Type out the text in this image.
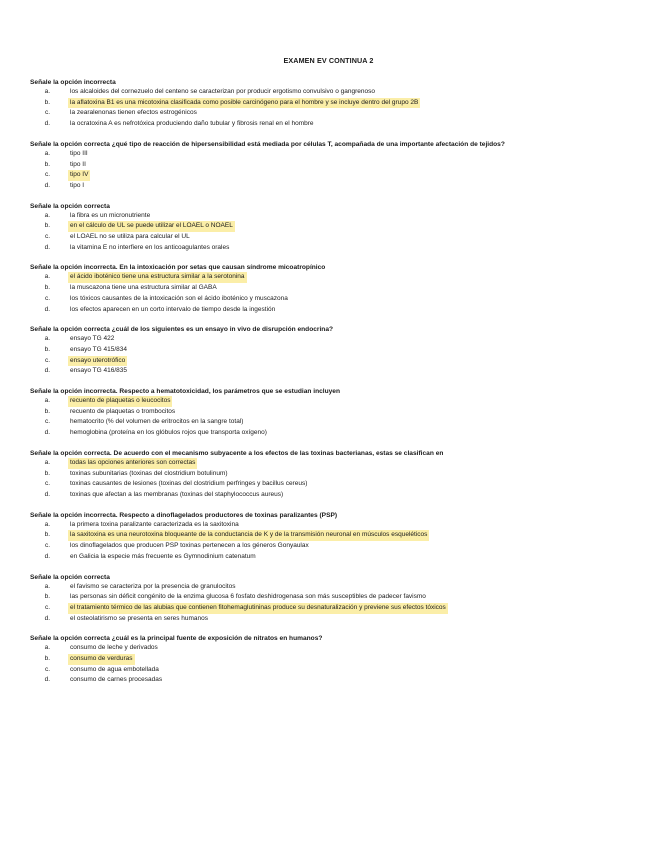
EXAMEN EV CONTINUA 2
Señale la opción incorrecta
a.	los alcaloides del cornezuelo del centeno se caracterizan por producir ergotismo convulsivo o gangrenoso
b.	la aflatoxina B1 es una micotoxina clasificada como posible carcinógeno para el hombre y se incluye dentro del grupo 2B
c.	la zearalenonas tienen efectos estrogénicos
d.	la ocratoxina A es nefrotóxica produciendo daño tubular y fibrosis renal en el hombre
Señale la opción correcta ¿qué tipo de reacción de hipersensibilidad está mediada por células T, acompañada de una importante afectación de tejidos?
a.	tipo III
b.	tipo II
c.	tipo IV
d.	tipo I
Señale la opción correcta
a.	la fibra es un micronutriente
b.	en el cálculo de UL se puede utilizar el LOAEL o NOAEL
c.	el LOAEL no se utiliza para calcular el UL
d.	la vitamina E no interfiere en los anticoagulantes orales
Señale la opción incorrecta. En la intoxicación por setas que causan síndrome micoatropínico
a.	el ácido iboténico tiene una estructura similar a la serotonina
b.	la muscazona tiene una estructura similar al GABA
c.	los tóxicos causantes de la intoxicación son el ácido iboténico y muscazona
d.	los efectos aparecen en un corto intervalo de tiempo desde la ingestión
Señale la opción correcta ¿cuál de los siguientes es un ensayo in vivo de disrupción endocrina?
a.	ensayo TG 422
b.	ensayo TG 415/834
c.	ensayo uterotrófico
d.	ensayo TG 416/835
Señale la opción incorrecta. Respecto a hematotoxicidad, los parámetros que se estudian incluyen
a.	recuento de plaquetas o leucocitos
b.	recuento de plaquetas o trombocitos
c.	hematocrito (% del volumen de eritrocitos en la sangre total)
d.	hemoglobina (proteína en los glóbulos rojos que transporta oxígeno)
Señale la opción correcta. De acuerdo con el mecanismo subyacente a los efectos de las toxinas bacterianas, estas se clasifican en
a.	todas las opciones anteriores son correctas
b.	toxinas subunitarias (toxinas del clostridium botulinum)
c.	toxinas causantes de lesiones (toxinas del clostridium perfringes y bacillus cereus)
d.	toxinas que afectan a las membranas (toxinas del staphylococcus aureus)
Señale la opción incorrecta. Respecto a dinoflagelados productores de toxinas paralizantes (PSP)
a.	la primera toxina paralizante caracterizada es la saxitoxina
b.	la saxitoxina es una neurotoxina bloqueante de la conductancia de K y de la transmisión neuronal en músculos esqueléticos
c.	los dinoflagelados que producen PSP toxinas pertenecen a los géneros Gonyaulax
d.	en Galicia la especie más frecuente es Gymnodinium catenatum
Señale la opción correcta
a.	el favismo se caracteriza por la presencia de granulocitos
b.	las personas sin déficit congénito de la enzima glucosa 6 fosfato deshidrogenasa son más susceptibles de padecer favismo
c.	el tratamiento térmico de las alubias que contienen fitohemaglutininas produce su desnaturalización y previene sus efectos tóxicos
d.	el osteolatirismo se presenta en seres humanos
Señale la opción correcta ¿cuál es la principal fuente de exposición de nitratos en humanos?
a.	consumo de leche y derivados
b.	consumo de verduras
c.	consumo de agua embotellada
d.	consumo de carnes procesadas
